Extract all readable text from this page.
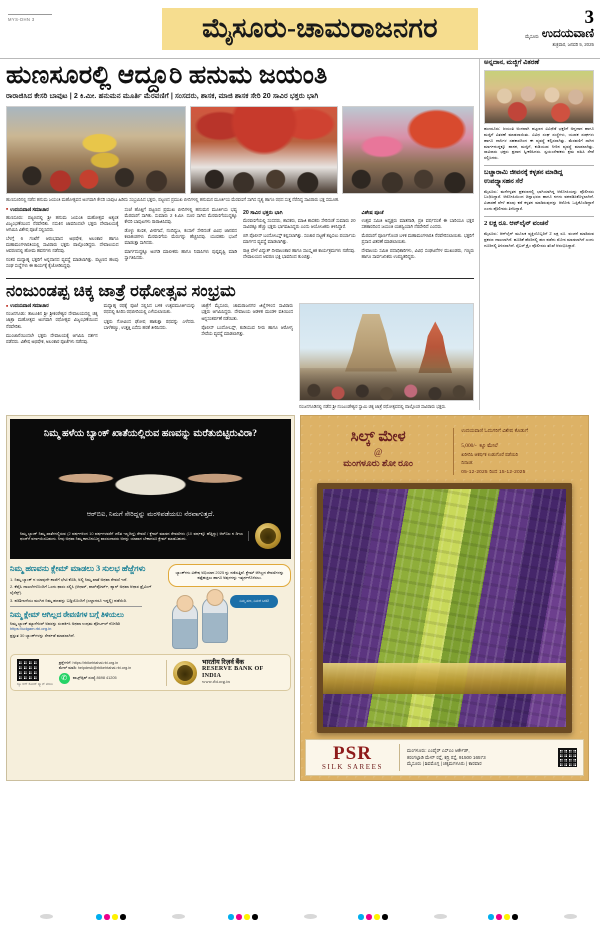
MYS-DHN 3	ಮೈಸೂರು-ಚಾಮರಾಜನಗರ	3
ಮೈಸೂರು ಉದಯವಾಣಿ
ಶುಕ್ರವಾರ, ಜನವರಿ 5, 2025
ಹುಣಸೂರಲ್ಲಿ ಆದ್ದೂರಿ ಹನುಮ ಜಯಂತಿ
ರಾರಾಜಿಸಿದ ಕೇಸರಿ ಬಾವುಟ | 2 ಕಿ.ಮೀ. ಹನುಮನ ಮೂರ್ತಿ ಮೆರವಣಿಗೆ | ಸಂಸದರು, ಶಾಸಕ, ಮಾಜಿ ಶಾಸಕ ಸೇರಿ 20 ಸಾವಿರ ಭಕ್ತರು ಭಾಗಿ
ಹುಣಸೂರಿನಲ್ಲಿ ನಡೆದ ಹನುಮ ಜಯಂತಿ ಮಹೋತ್ಸವದ ಅಂಗವಾಗಿ ಕೇಸರಿ ಬಾವುಟ ಹಿಡಿದು ಸಂಭ್ರಮಿಸಿದ ಭಕ್ತರು, ಪಟ್ಟಣದ ಪ್ರಮುಖ ಬೀದಿಗಳಲ್ಲಿ ಹನುಮನ ಮೂರ್ತಿಯ ಮೆರವಣಿಗೆ ಸಾಗಿದ ದೃಶ್ಯ ಹಾಗೂ ರಥದ ಸುತ್ತ ನೆರೆದಿದ್ದ ಸಾವಿರಾರು ಭಕ್ತ ಸಮೂಹ.
■ ಉದಯವಾಣಿ ಸಮಾಚಾರ

ಹುಣಸೂರು: ಪಟ್ಟಣದಲ್ಲಿ ಶ್ರೀ ಹನುಮ ಜಯಂತಿ ಮಹೋತ್ಸವ ಅತ್ಯಂತ ವಿಜೃಂಭಣೆಯಿಂದ ನೆರವೇರಿತು. ನಸುಕಿನ ಜಾವದಿಂದಲೇ ಭಕ್ತರು ದೇವಾಲಯಕ್ಕೆ ಆಗಮಿಸಿ ವಿಶೇಷ ಪೂಜೆ ಸಲ್ಲಿಸಿದರು.

ಬೆಳಗ್ಗೆ 6 ಗಂಟೆಗೆ ಆರಂಭವಾದ ಅಭಿಷೇಕ, ಅಲಂಕಾರ ಹಾಗೂ ಮಹಾಮಂಗಳಾರತಿಯಲ್ಲಿ ಸಾವಿರಾರು ಭಕ್ತರು ಪಾಲ್ಗೊಂಡಿದ್ದರು. ದೇವಾಲಯದ ಆವರಣದಲ್ಲಿ ಹೋಮ ಹವನಗಳು ನಡೆದವು.

ನಂತರ ಮಧ್ಯಾಹ್ನ ಭಕ್ತರಿಗೆ ಅನ್ನದಾನದ ವ್ಯವಸ್ಥೆ ಮಾಡಲಾಗಿತ್ತು. ಪಟ್ಟಣದ ಹಲವು ಸಂಘ ಸಂಸ್ಥೆಗಳು ಈ ಕಾರ್ಯಕ್ಕೆ ಕೈಜೋಡಿಸಿದ್ದವು.

ಸಂಜೆ ಹೊತ್ತಿಗೆ ಪಟ್ಟಣದ ಪ್ರಮುಖ ಬೀದಿಗಳಲ್ಲಿ ಹನುಮನ ಮೂರ್ತಿಯ ಭವ್ಯ ಮೆರವಣಿಗೆ ಸಾಗಿತು. ಸುಮಾರು 2 ಕಿ.ಮೀ. ದೂರ ಸಾಗಿದ ಮೆರವಣಿಗೆಯುದ್ದಕ್ಕೂ ಕೇಸರಿ ಬಾವುಟಗಳು ರಾರಾಜಿಸಿದವು.

ಡೊಳ್ಳು ಕುಣಿತ, ವೀರಗಾಸೆ, ನಂದಿಧ್ವಜ, ಕಂಸಾಳೆ ಸೇರಿದಂತೆ ವಿವಿಧ ಜಾನಪದ ಕಲಾತಂಡಗಳು ಮೆರವಣಿಗೆಯ ಮೆರುಗನ್ನು ಹೆಚ್ಚಿಸಿದವು. ಯುವಕರು ಭಜನೆ ಮಾಡುತ್ತಾ ಸಾಗಿದರು.

ಮಾರ್ಗದುದ್ದಕ್ಕೂ ಅಂಗಡಿ ಮಾಲೀಕರು ಹಾಗೂ ನಿವಾಸಿಗಳು ಪುಷ್ಪವೃಷ್ಟಿ ಮಾಡಿ ಸ್ವಾಗತಿಸಿದರು.

20 ಸಾವಿರ ಭಕ್ತರು ಭಾಗಿ

ಮೆರವಣಿಗೆಯಲ್ಲಿ ಸಂಸದರು, ಶಾಸಕರು, ಮಾಜಿ ಶಾಸಕರು ಸೇರಿದಂತೆ ಸುಮಾರು 20 ಸಾವಿರಕ್ಕೂ ಹೆಚ್ಚು ಭಕ್ತರು ಭಾಗವಹಿಸಿದ್ದರು ಎಂದು ಆಯೋಜಕರು ತಿಳಿಸಿದ್ದಾರೆ.

ಬಿಗಿ ಪೊಲೀಸ್ ಬಂದೋಬಸ್ತ್ ಕಲ್ಪಿಸಲಾಗಿತ್ತು. ಸಂಚಾರ ದಟ್ಟಣೆ ತಪ್ಪಿಸಲು ಪರ್ಯಾಯ ಮಾರ್ಗದ ವ್ಯವಸ್ಥೆ ಮಾಡಲಾಗಿತ್ತು.

ರಾತ್ರಿ ವೇಳೆ ವಿದ್ಯುತ್ ದೀಪಾಲಂಕಾರ ಹಾಗೂ ಸಾಂಸ್ಕೃತಿಕ ಕಾರ್ಯಕ್ರಮಗಳು ನಡೆದವು. ದೇವಾಲಯದ ಆವರಣ ಭಕ್ತಿ ಭಾವದಿಂದ ತುಂಬಿತ್ತು.

ವಿಶೇಷ ಪೂಜೆ

ಉತ್ಸವ ಸಮಿತಿ ಅಧ್ಯಕ್ಷರು ಮಾತನಾಡಿ, ಪ್ರತಿ ವರ್ಷದಂತೆ ಈ ಬಾರಿಯೂ ಭಕ್ತರ ಸಹಕಾರದಿಂದ ಜಯಂತಿ ಯಶಸ್ವಿಯಾಗಿ ನೆರವೇರಿದೆ ಎಂದರು.

ಮೆರವಣಿಗೆ ಪೂರ್ಣಗೊಂಡ ಬಳಿಕ ಮಹಾಮಂಗಳಾರತಿ ನೆರವೇರಿಸಲಾಯಿತು. ಭಕ್ತರಿಗೆ ಪ್ರಸಾದ ವಿತರಣೆ ಮಾಡಲಾಯಿತು.

ದೇವಾಲಯ ಸಮಿತಿ ಪದಾಧಿಕಾರಿಗಳು, ವಿವಿಧ ಸಂಘಟನೆಗಳ ಮುಖಂಡರು, ಗಣ್ಯರು ಹಾಗೂ ಸಾರ್ವಜನಿಕರು ಉಪಸ್ಥಿತರಿದ್ದರು.

ನಂಜುಂಡಪ್ಪ ಚಿಕ್ಕ ಜಾತ್ರೆ ರಥೋತ್ಸವ ಸಂಭ್ರಮ
■ ಉದಯವಾಣಿ ಸಮಾಚಾರ

ನಂಜನಗೂಡು: ತಾಲೂಕಿನ ಶ್ರೀ ಶ್ರೀಕಂಠೇಶ್ವರ ದೇವಾಲಯದಲ್ಲಿ ಚಿಕ್ಕ ಜಾತ್ರಾ ಮಹೋತ್ಸವ ಅಂಗವಾಗಿ ರಥೋತ್ಸವ ವಿಜೃಂಭಣೆಯಿಂದ ನೆರವೇರಿತು.

ಮುಂಜಾನೆಯಿಂದಲೇ ಭಕ್ತರು ದೇವಾಲಯಕ್ಕೆ ಆಗಮಿಸಿ ದರ್ಶನ ಪಡೆದರು. ವಿಶೇಷ ಅಭಿಷೇಕ, ಅಲಂಕಾರ ಪೂಜೆಗಳು ನಡೆದವು.

ಮಧ್ಯಾಹ್ನ ರಥಕ್ಕೆ ಪೂಜೆ ಸಲ್ಲಿಸಿದ ಬಳಿಕ ಉತ್ಸವಮೂರ್ತಿಯನ್ನು ರಥದಲ್ಲಿ ಕೂರಿಸಿ ರಥಬೀದಿಯಲ್ಲಿ ಎಳೆಯಲಾಯಿತು.

ಭಕ್ತರು ಗೋವಿಂದ ಘೋಷ ಹಾಕುತ್ತಾ ರಥವನ್ನು ಎಳೆದರು. ಬಾಳೆಹಣ್ಣು, ಉತ್ತತ್ತಿ ಎಸೆದು ಹರಕೆ ತೀರಿಸಿದರು.

ಜಾತ್ರೆಗೆ ಮೈಸೂರು, ಚಾಮರಾಜನಗರ ಜಿಲ್ಲೆಗಳಿಂದ ಸಾವಿರಾರು ಭಕ್ತರು ಆಗಮಿಸಿದ್ದರು. ದೇವಾಲಯ ಆಡಳಿತ ಮಂಡಳಿ ವತಿಯಿಂದ ಅನ್ನಸಂತರ್ಪಣೆ ನಡೆಯಿತು.

ಪೊಲೀಸ್ ಬಂದೋಬಸ್ತ್, ಕುಡಿಯುವ ನೀರು ಹಾಗೂ ಆರೋಗ್ಯ ಸೇವೆಯ ವ್ಯವಸ್ಥೆ ಮಾಡಲಾಗಿತ್ತು.

ನಂಜನಗೂಡಿನಲ್ಲಿ ನಡೆದ ಶ್ರೀ ನಂಜುಂಡೇಶ್ವರ ಸ್ವಾಮಿ ಚಿಕ್ಕ ಜಾತ್ರೆ ರಥೋತ್ಸವದಲ್ಲಿ ಪಾಲ್ಗೊಂಡ ಸಾವಿರಾರು ಭಕ್ತರು.
ಅನ್ನದಾನ, ಮಜ್ಜಿಗೆ ವಿತರಣೆ
ಹುಣಸೂರು: ಜಯಂತಿ ಅಂಗವಾಗಿ ಪಟ್ಟಣದ ವಿವಿಧೆಡೆ ಭಕ್ತರಿಗೆ ಅನ್ನದಾನ ಹಾಗೂ ಮಜ್ಜಿಗೆ ವಿತರಣೆ ಮಾಡಲಾಯಿತು. ವಿವಿಧ ಸಂಘ ಸಂಸ್ಥೆಗಳು, ಯುವಕ ಸಂಘಗಳು ಹಾಗೂ ದಾನಿಗಳ ಸಹಕಾರದಿಂದ ಈ ವ್ಯವಸ್ಥೆ ಕಲ್ಪಿಸಲಾಗಿತ್ತು. ಮೆರವಣಿಗೆ ಸಾಗಿದ ಮಾರ್ಗದುದ್ದಕ್ಕೂ ಪಾನಕ, ಮಜ್ಜಿಗೆ, ಕುಡಿಯುವ ನೀರಿನ ವ್ಯವಸ್ಥೆ ಮಾಡಲಾಗಿತ್ತು. ಸಾವಿರಾರು ಭಕ್ತರು ಪ್ರಸಾದ ಸ್ವೀಕರಿಸಿದರು. ಸ್ವಯಂಸೇವಕರು ಶ್ರಮ ವಹಿಸಿ ಸೇವೆ ಸಲ್ಲಿಸಿದರು.
ಬಚ್ಚಾರಾಮಿ ಜೀವನಕ್ಕೆ ಕಳ್ಳತನ ಮಾಡಿದ್ದ ಉಪದ್ವ್ಯಾಸಹನ ಸೆರೆ
ಮೈಸೂರು: ಮನೆಗಳ್ಳತನ ಪ್ರಕರಣದಲ್ಲಿ ಭಾಗಿಯಾಗಿದ್ದ ಆರೋಪಿಯನ್ನು ಪೊಲೀಸರು ಬಂಧಿಸಿದ್ದಾರೆ. ಆರೋಪಿಯಿಂದ ಚಿನ್ನಾಭರಣ ಹಾಗೂ ನಗದು ವಶಪಡಿಸಿಕೊಳ್ಳಲಾಗಿದೆ. ವಿಚಾರಣೆ ವೇಳೆ ಹಲವು ಕಡೆ ಕಳ್ಳತನ ಮಾಡಿರುವುದನ್ನು ಆರೋಪಿ ಒಪ್ಪಿಕೊಂಡಿದ್ದಾನೆ ಎಂದು ಪೊಲೀಸರು ತಿಳಿಸಿದ್ದಾರೆ.
2 ಲಕ್ಷ ರೂ. ಆನ್‌ಲೈನ್ ವಂಚನೆ
ಮೈಸೂರು: ಆನ್‌ಲೈನ್ ಮೂಲಕ ವ್ಯಕ್ತಿಯೊಬ್ಬರಿಗೆ 2 ಲಕ್ಷ ರೂ. ವಂಚನೆ ಮಾಡಿರುವ ಪ್ರಕರಣ ದಾಖಲಾಗಿದೆ. ಹೂಡಿಕೆ ಹೆಸರಿನಲ್ಲಿ ಹಣ ಪಡೆದು ಮೋಸ ಮಾಡಲಾಗಿದೆ ಎಂದು ದೂರಿನಲ್ಲಿ ತಿಳಿಸಲಾಗಿದೆ. ಸೈಬರ್ ಕ್ರೈಂ ಪೊಲೀಸರು ತನಿಖೆ ಆರಂಭಿಸಿದ್ದಾರೆ.
ನಿಮ್ಮ ಹಳೆಯ ಬ್ಯಾಂಕ್ ಖಾತೆಯಲ್ಲಿರುವ ಹಣವನ್ನು ಮರೆತುಬಿಟ್ಟಿರುವಿರಾ?
ಆರ್‌ಬಿಐ, ನಿಮಗೆ ಸೇರಿದ್ದನ್ನು ಮರಳಿಪಡೆಯಲು ನೆರವಾಗುತ್ತದೆ.
ನಿಮ್ಮ ಬ್ಯಾಂಕ್ ನಿಮ್ಮ ಖಾತೆಗಳಲ್ಲಿರುವ (2 ವರ್ಷಗಳಿಂದ 10 ವರ್ಷಗಳವರೆಗೆ ಚಲಿತ ಇಲ್ಲದಿದ್ದ) ಠೇವಣಿ / ಕ್ಲೇಮ್ ಮಾಡದ ಠೇವಣಿಗಳು (10 ವರ್ಷಕ್ಕೂ ಹೆಚ್ಚಿದ್ದು) ಆರ್‌ಬಿಐ ನ ಡಿಇಎ ಫಂಡ್‌ಗೆ ವರ್ಗಾಯಿಸಬಹುದು. ನೀವು ಅಥವಾ ನಿಮ್ಮ ಕಾನೂನುಬದ್ಧ ವಾರಸುದಾರರು ಅದನ್ನು ಯಾವಾಗ ಬೇಕಾದರೂ ಕ್ಲೇಮ್ ಮಾಡಬಹುದು.
ನಿಮ್ಮ ಹಣವನು ಕ್ಲೇಮ್ ಮಾಡಲು 3 ಸುಲಭ ಹೆಜ್ಜೆಗಳು
1. ನಿಮ್ಮ ಬ್ಯಾಂಕ್ ನ ಯಾವುದೇ ಶಾಖೆಗೆ ಭೇಟಿ ಕೊಡಿ, ಅಲ್ಲಿ ನಿಮ್ಮ ಖಾತೆ ಅಥವಾ ಠೇವಣಿ ಇದೆ.
2. ಕೆವೈಸಿ ದಾಖಲೆಗಳೊಂದಿಗೆ ಒಂದು ಫಾರಂ ಸಲ್ಲಿಸಿ (ಆಧಾರ್, ಪಾಸ್‌ಪೋರ್ಟ್, ಪ್ಯಾನ್ ಅಥವಾ ಆಧಾರ ಡ್ರೈವಿಂಗ್ ಲೈಸೆನ್ಸ್).
3. ಪರಿಶೀಲನೆಯು ಮುಗಿದ ನಿಮ್ಮ ಹಣವನ್ನು ಬಡ್ಡಿಯೊಂದಿಗೆ (ಎಲ್ಲಾದರೂ ಇದ್ದಲ್ಲಿ) ಪಡೆಯಿರಿ.
ನಿಮ್ಮ ಕ್ಲೇಮ್ ಆಗಿಲ್ಲದ ಠೇವಣಿಗಳ ಬಗ್ಗೆ ತಿಳಿಯಲು
ನಿಮ್ಮ ಬ್ಯಾಂಕ್ ಮ್ಯಾನೇಜರ್ ಅವರನ್ನು ಸಂಪರ್ಕಿಸಿ ಅಥವಾ ಉದ್ಗಮ ಪೋರ್ಟಲ್ ನೋಡಿರಿ
https://udgam.rbi.org.in
ಪ್ರಸ್ತುತ 30 ಬ್ಯಾಂಕ್‌ಗಳನ್ನು ಸೇರ್ಪಡೆ ಮಾಡಲಾಗಿದೆ.
ಬ್ಯಾಂಕ್‌ಗಳು ವಿಶೇಷ ಅಭಿಯಾನ 2025 ನ್ನು ನಡೆಸುತ್ತಿವೆ. ಕ್ಲೇಮ್ ಆಗಿಲ್ಲದ ಠೇವಣಿಗಳನ್ನು ಪತ್ತೆಹಚ್ಚಲು ಹಾಗೂ ಅವುಗಳನ್ನು ಇತ್ಯರ್ಥಗೊಳಿಸಲು.
ನಿಮ್ಮ ಹಣ, ನಿಮಗೆ ಸಿಗಲಿ!
ಕ್ಯೂ ಆರ್ ಕೋಡ್ ಸ್ಕ್ಯಾನ್ ಮಾಡಿ
ಪ್ರಶ್ನೆಗಳಿಗೆ: https://rbikehtahai.rbi.org.in
ಮೇಲ್ ಮಾಡಿ: helpdesk@rbikehtahai.rbi.org.in
✆	ವಾಟ್ಸ್‌ಆ್ಯಪ್ ಸಂಖ್ಯೆ 8698 41205
भारतीय रिज़र्व बैंक
RESERVE BANK OF INDIA
www.rbi.org.in
ಸಿಲ್ಕ್ ಮೇಳ
@
ಮಂಗಳೂರು ಶೋ ರೂಂ
ಉದಯವಾಣಿ ಓದುಗರಿಗೆ ವಿಶೇಷ ಕೊಡುಗೆ
5,000/- ಕ್ಕೂ ಮೇಲೆ
ಖರೀದಿಸಿ ಆಕರ್ಷಕ ಉಡುಗೊರೆ ಪಡೆಯಿರಿ
ದಿನಾಂಕ:
05-12-2025 ರಿಂದ 15-12-2025
PSR
SILK SAREES
ಮಂಗಳೂರು: ಎಂಪೈರ್ ಎಸ್‌ಎಂ ಆರ್ಕೇಡ್,
ಕರಂಗಲ್ಪಾಡಿ ಮೇನ್ ರಸ್ತೆ, ಕದ್ರಿ ರಸ್ತೆ, 91500 16573
ಮೈಸೂರು | ಶಿವಮೊಗ್ಗ | ಚಿಕ್ಕಮಗಳೂರು | ಕಾರವಾರ
